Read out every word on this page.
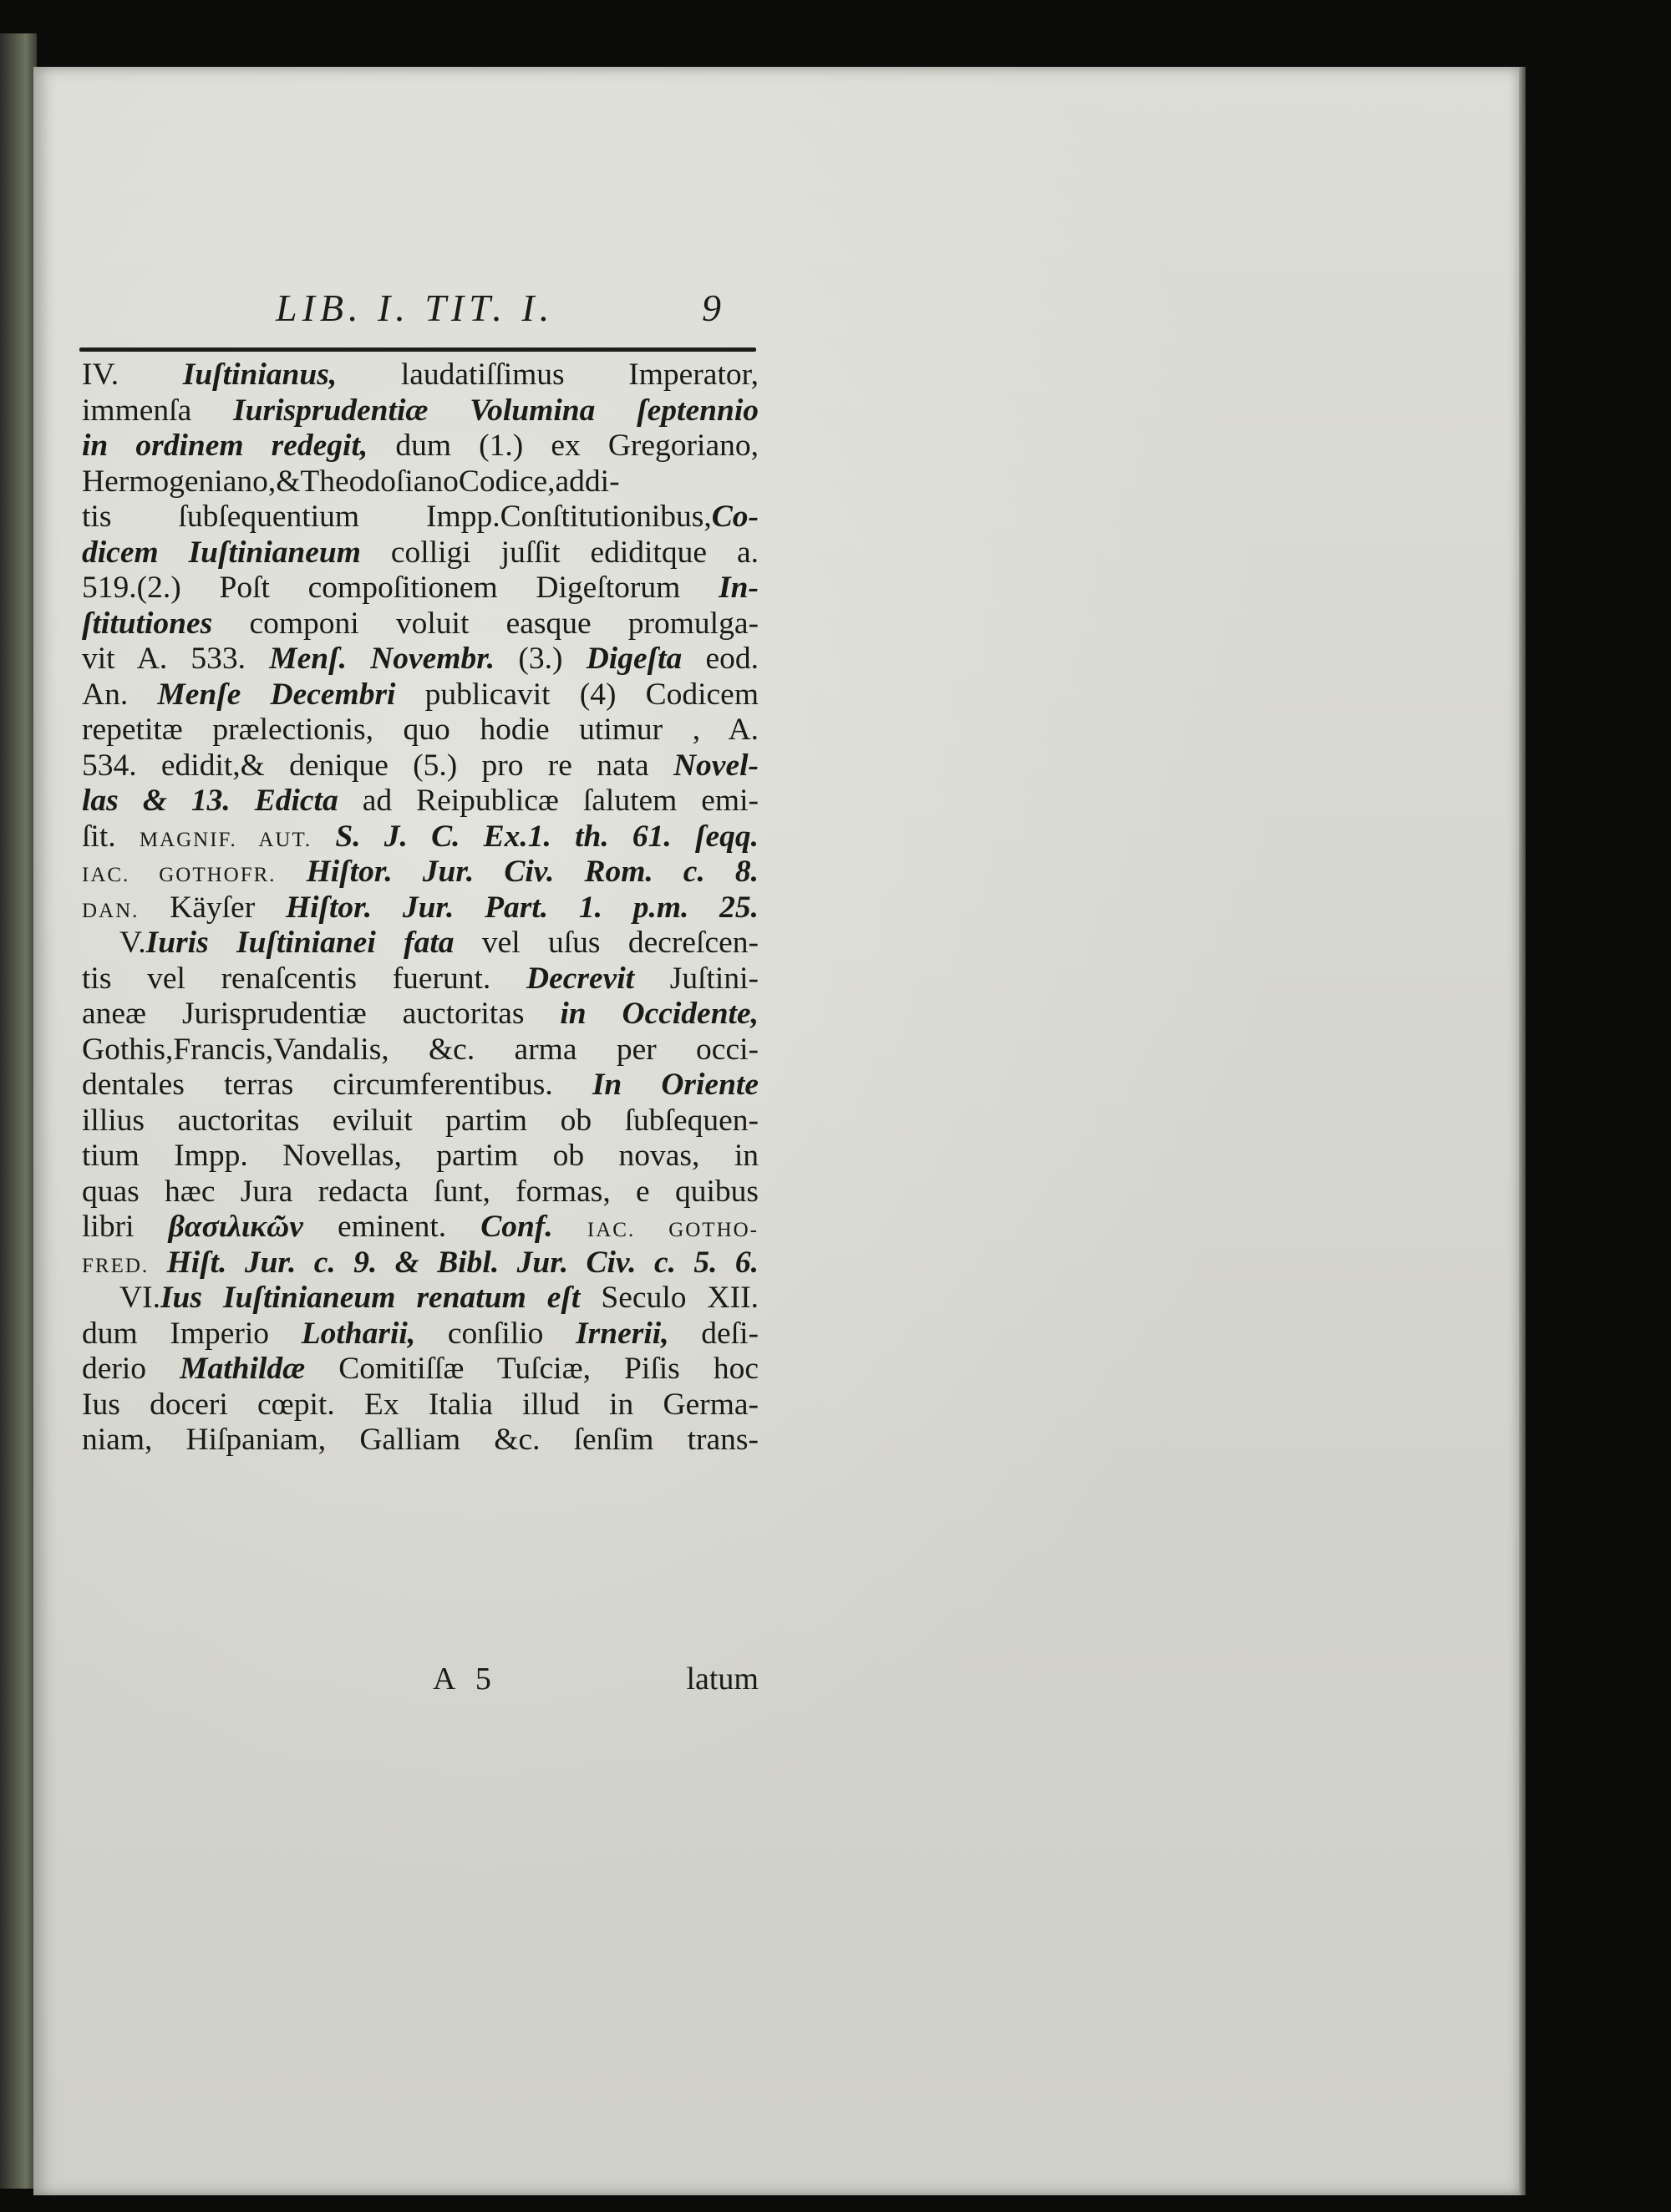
LIB. I. TIT. I.	9
IV. Iuſtinianus, laudatiſſimus Imperator,
immenſa Iurisprudentiæ Volumina ſeptennio
in ordinem redegit, dum (1.) ex Gregoriano,
Hermogeniano,&TheodoſianoCodice,addi-
tis ſubſequentium Impp.Conſtitutionibus,Co-
dicem Iuſtinianeum colligi juſſit ediditque a.
519.(2.) Poſt compoſitionem Digeſtorum In-
ſtitutiones componi voluit easque promulga-
vit A. 533. Menſ. Novembr. (3.) Digeſta eod.
An. Menſe Decembri publicavit (4) Codicem
repetitæ prælectionis, quo hodie utimur , A.
534. edidit,& denique (5.) pro re nata Novel-
las & 13. Edicta ad Reipublicæ ſalutem emi-
ſit. MAGNIF. AUT. S. J. C. Ex.1. th. 61. ſeqq.
IAC. GOTHOFR. Hiſtor. Jur. Civ. Rom. c. 8.
DAN. Käyſer Hiſtor. Jur. Part. 1. p.m. 25.
V.Iuris Iuſtinianei fata vel uſus decreſcen-
tis vel renaſcentis fuerunt. Decrevit Juſtini-
aneæ Jurisprudentiæ auctoritas in Occidente,
Gothis,Francis,Vandalis, &c. arma per occi-
dentales terras circumferentibus. In Oriente
illius auctoritas eviluit partim ob ſubſequen-
tium Impp. Novellas, partim ob novas, in
quas hæc Jura redacta ſunt, formas, e quibus
libri βασιλικῶν eminent. Conf. IAC. GOTHO-
FRED. Hiſt. Jur. c. 9. & Bibl. Jur. Civ. c. 5. 6.
VI.Ius Iuſtinianeum renatum eſt Seculo XII.
dum Imperio Lotharii, conſilio Irnerii, deſi-
derio Mathildæ Comitiſſæ Tuſciæ, Piſis hoc
Ius doceri cœpit. Ex Italia illud in Germa-
niam, Hiſpaniam, Galliam &c. ſenſim trans-
A 5	latum
